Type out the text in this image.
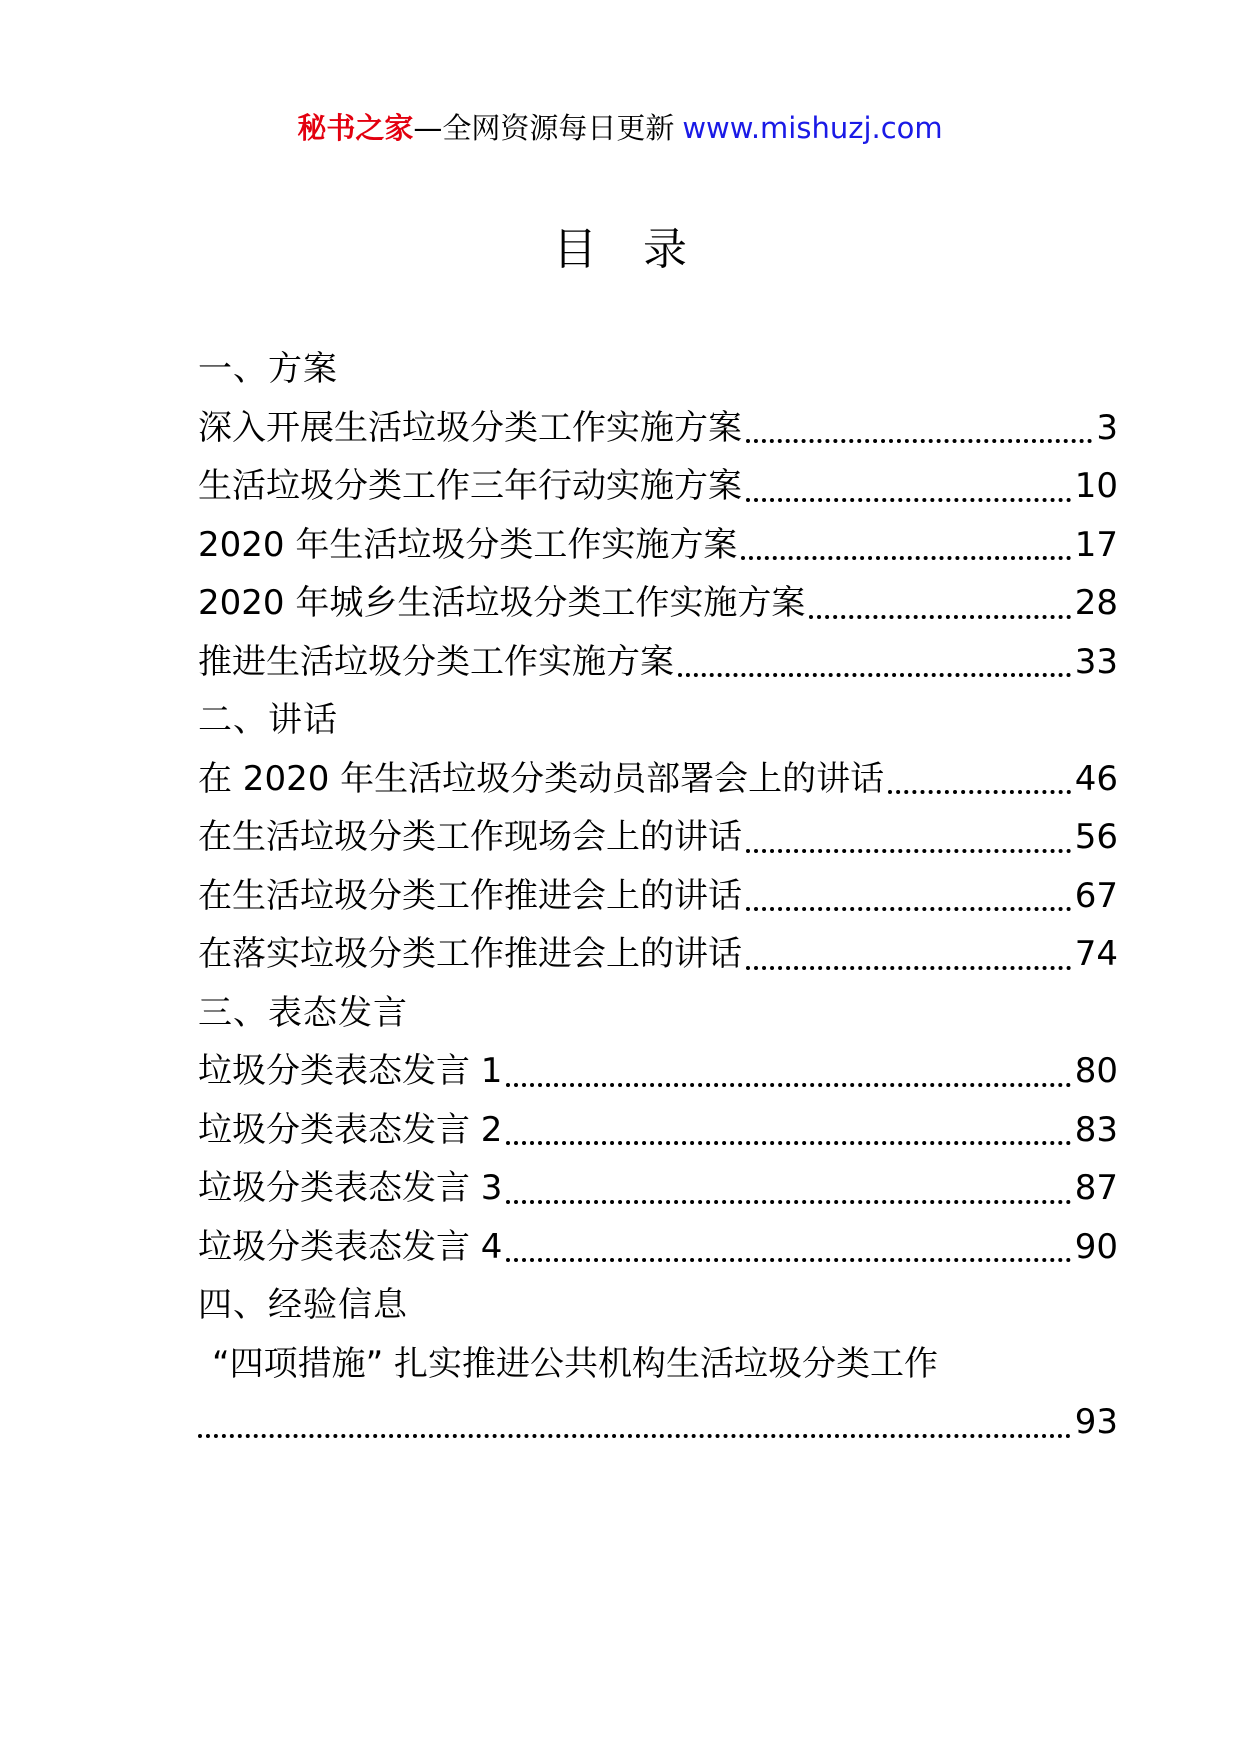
秘书之家—全网资源每日更新 www.mishuzj.com
目录
一、方案
深入开展生活垃圾分类工作实施方案	3
生活垃圾分类工作三年行动实施方案	10
2020 年生活垃圾分类工作实施方案	17
2020 年城乡生活垃圾分类工作实施方案	28
推进生活垃圾分类工作实施方案	33
二、讲话
在 2020 年生活垃圾分类动员部署会上的讲话	46
在生活垃圾分类工作现场会上的讲话	56
在生活垃圾分类工作推进会上的讲话	67
在落实垃圾分类工作推进会上的讲话	74
三、表态发言
垃圾分类表态发言 1	80
垃圾分类表态发言 2	83
垃圾分类表态发言 3	87
垃圾分类表态发言 4	90
四、经验信息
“四项措施” 扎实推进公共机构生活垃圾分类工作
93
